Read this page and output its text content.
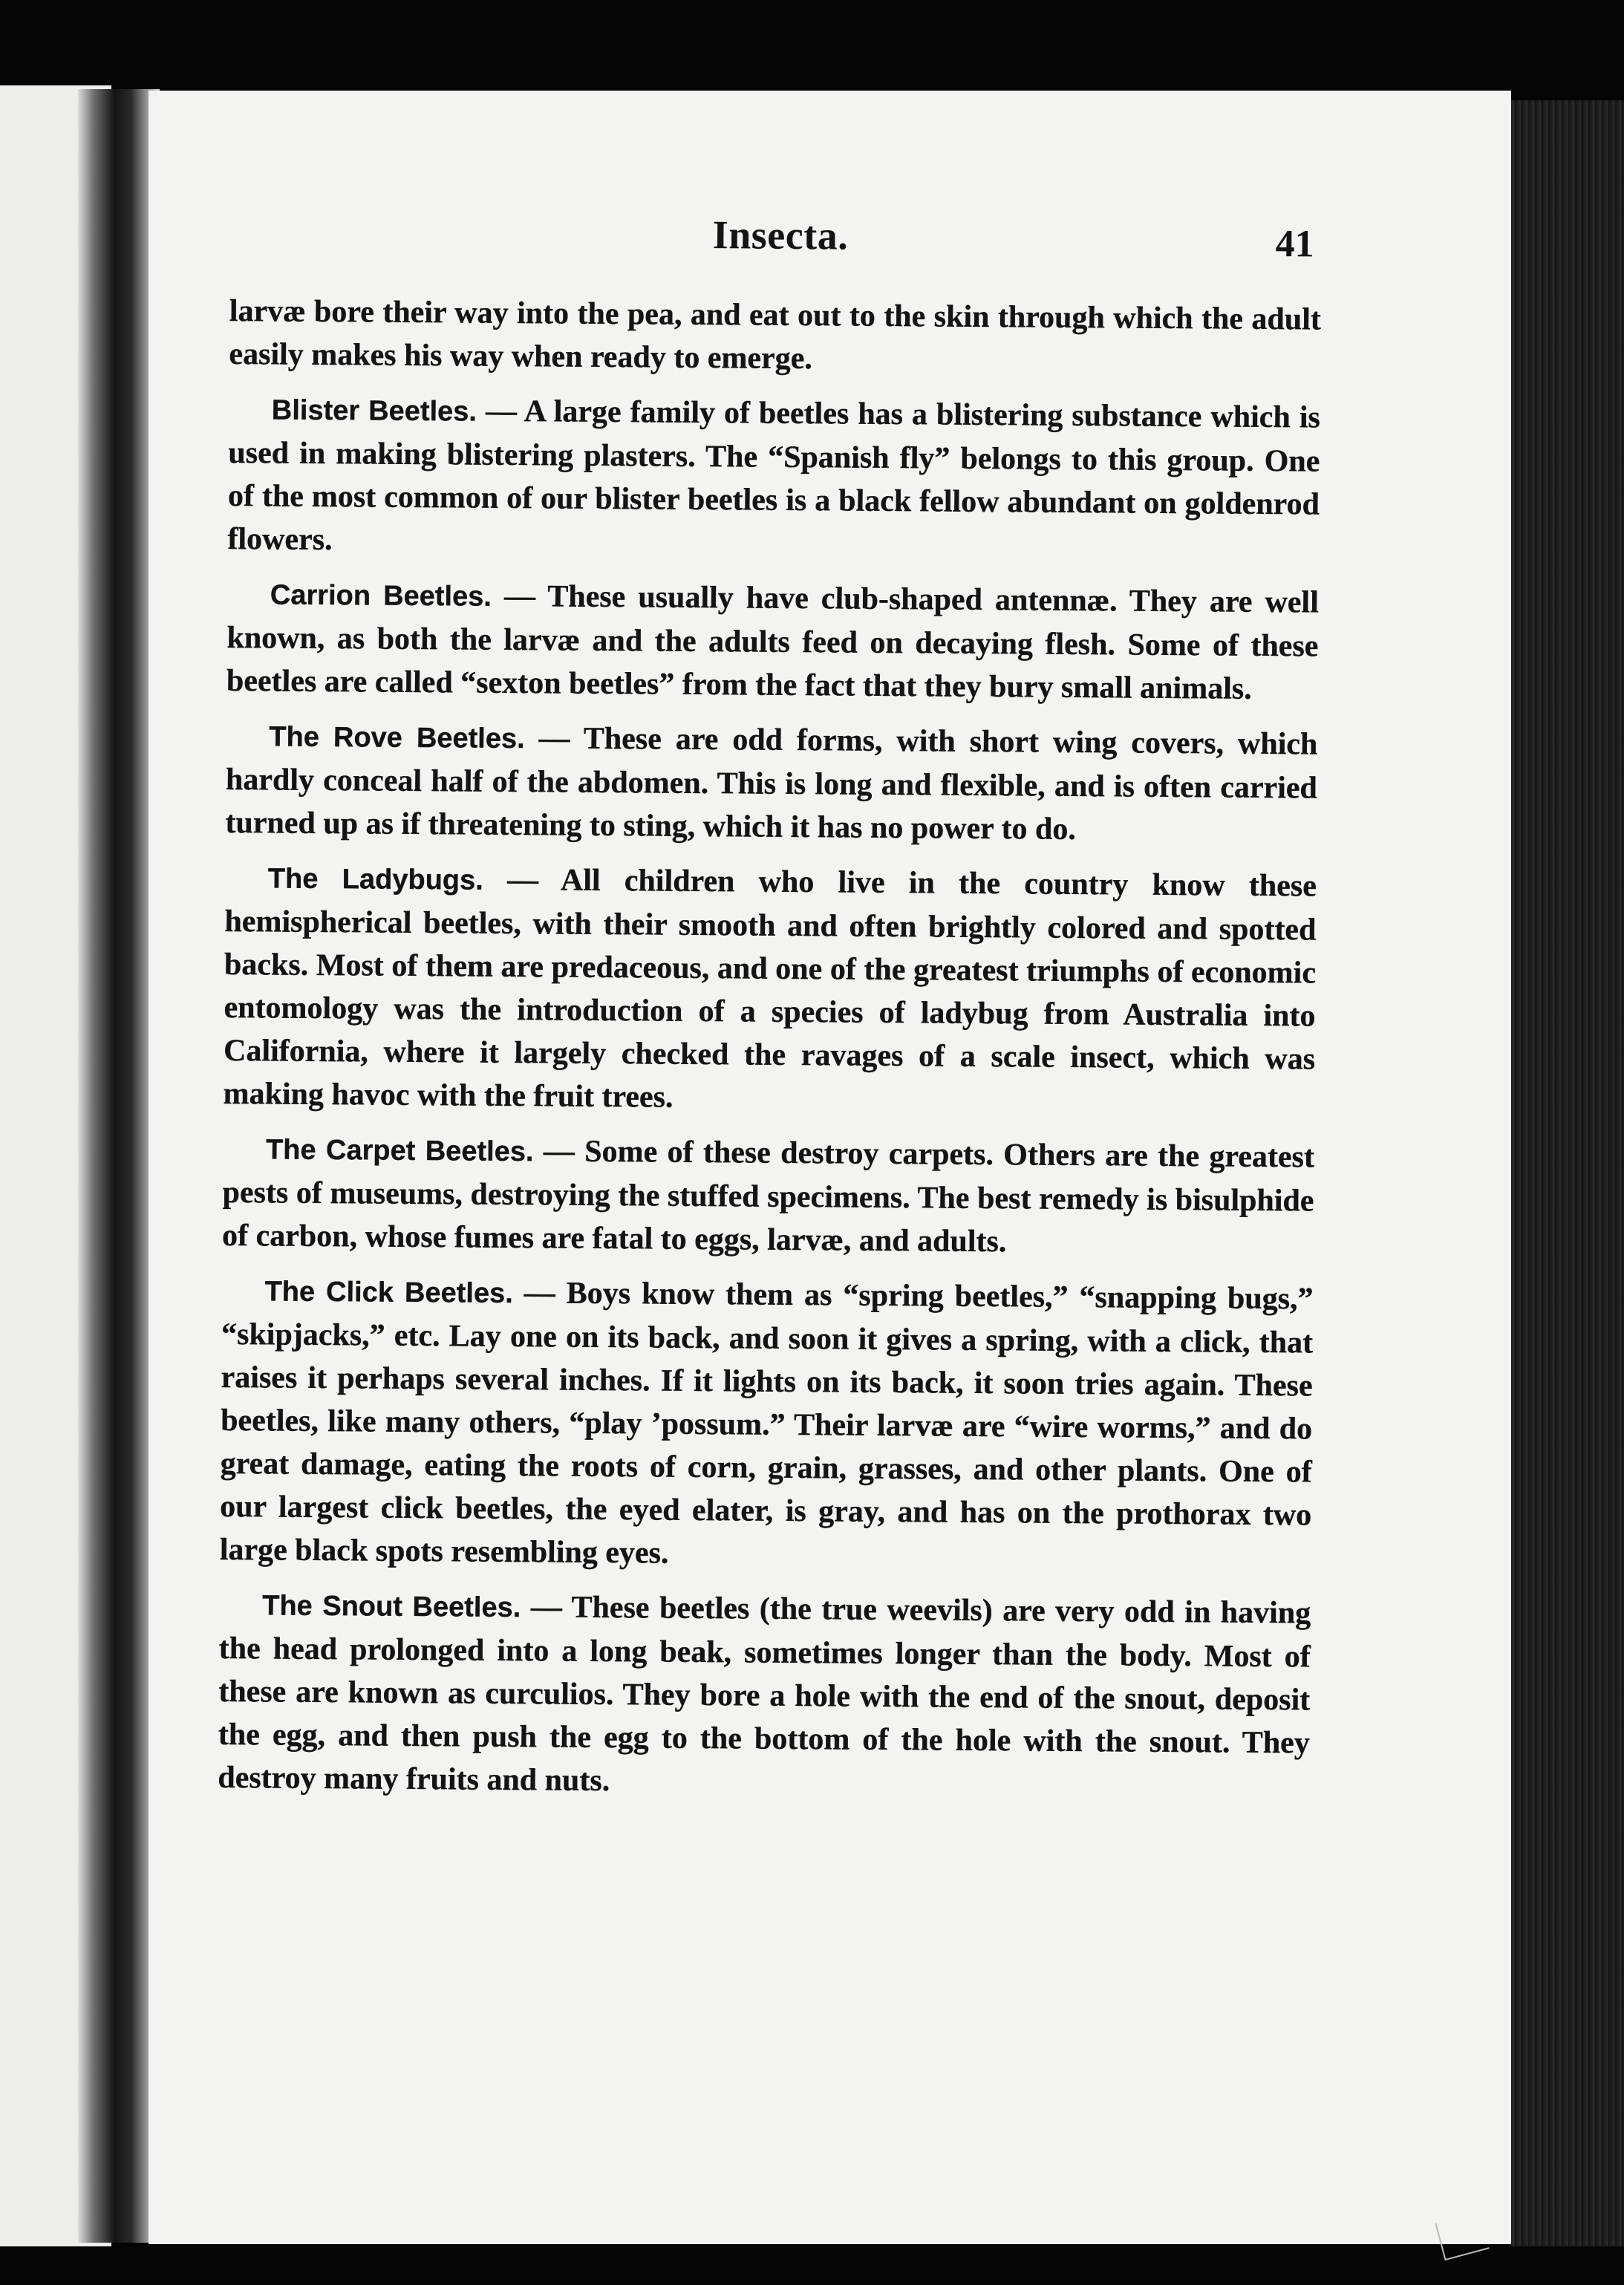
Insecta.	41

larvæ bore their way into the pea, and eat out to the skin through which the adult easily makes his way when ready to emerge.

Blister Beetles. — A large family of beetles has a blistering substance which is used in making blistering plasters. The “Spanish fly” belongs to this group. One of the most common of our blister beetles is a black fellow abundant on goldenrod flowers.

Carrion Beetles. — These usually have club-shaped antennæ. They are well known, as both the larvæ and the adults feed on decaying flesh. Some of these beetles are called “sexton beetles” from the fact that they bury small animals.

The Rove Beetles. — These are odd forms, with short wing covers, which hardly conceal half of the abdomen. This is long and flexible, and is often carried turned up as if threatening to sting, which it has no power to do.

The Ladybugs. — All children who live in the country know these hemispherical beetles, with their smooth and often brightly colored and spotted backs. Most of them are predaceous, and one of the greatest triumphs of economic entomology was the introduction of a species of ladybug from Australia into California, where it largely checked the ravages of a scale insect, which was making havoc with the fruit trees.

The Carpet Beetles. — Some of these destroy carpets. Others are the greatest pests of museums, destroying the stuffed specimens. The best remedy is bisulphide of carbon, whose fumes are fatal to eggs, larvæ, and adults.

The Click Beetles. — Boys know them as “spring beetles,” “snapping bugs,” “skipjacks,” etc. Lay one on its back, and soon it gives a spring, with a click, that raises it perhaps several inches. If it lights on its back, it soon tries again. These beetles, like many others, “play ’possum.” Their larvæ are “wire worms,” and do great damage, eating the roots of corn, grain, grasses, and other plants. One of our largest click beetles, the eyed elater, is gray, and has on the prothorax two large black spots resembling eyes.

The Snout Beetles. — These beetles (the true weevils) are very odd in having the head prolonged into a long beak, sometimes longer than the body. Most of these are known as curculios. They bore a hole with the end of the snout, deposit the egg, and then push the egg to the bottom of the hole with the snout. They destroy many fruits and nuts.
